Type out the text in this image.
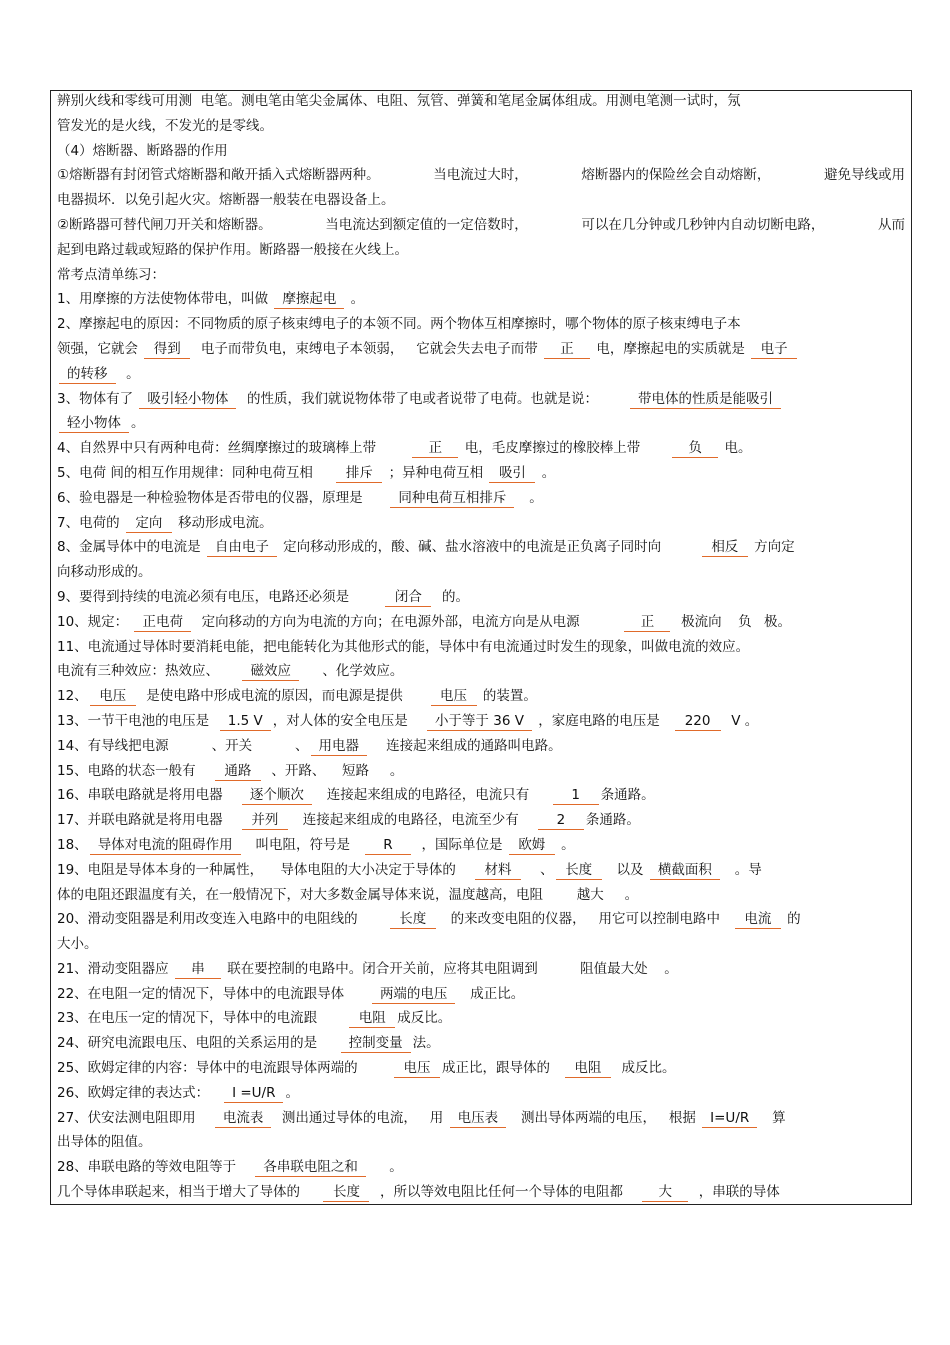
辨别火线和零线可用测  电笔。测电笔由笔尖金属体、电阻、氖管、弹簧和笔尾金属体组成。用测电笔测一试时，氖
管发光的是火线，不发光的是零线。
（4）熔断器、断路器的作用
①熔断器有封闭管式熔断器和敞开插入式熔断器两种。	当电流过大时，	熔断器内的保险丝会自动熔断，	避免导线或用
电器损坏．以免引起火灾。熔断器一般装在电器设备上。
②断路器可替代闸刀开关和熔断器。	当电流达到额定值的一定倍数时，	可以在几分钟或几秒钟内自动切断电路，	从而
起到电路过载或短路的保护作用。断路器一般接在火线上。
常考点清单练习：
1、用摩擦的方法使物体带电，叫做 摩擦起电 。
2、摩擦起电的原因：不同物质的原子核束缚电子的本领不同。两个物体互相摩擦时，哪个物体的原子核束缚电子本
领强，它就会 得到  电子而带负电，束缚电子本领弱，   它就会失去电子而带 正 电，摩擦起电的实质就是 电子
的转移  。
3、物体有了 吸引轻小物体  的性质，我们就说物体带了电或者说带了电荷。也就是说：       带电体的性质是能吸引
轻小物体 。
4、自然界中只有两种电荷：丝绸摩擦过的玻璃棒上带        正 电，毛皮摩擦过的橡胶棒上带       负 电。
5、电荷 间的相互作用规律：同种电荷互相     排斥 ；异种电荷互相 吸引 。
6、验电器是一种检验物体是否带电的仪器，原理是      同种电荷互相排斥   。
7、电荷的 定向 移动形成电流。
8、金属导体中的电流是 自由电子 定向移动形成的，酸、碱、盐水溶液中的电流是正负离子同时向         相反 方向定
向移动形成的。
9、要得到持续的电流必须有电压，电路还必须是        闭合  的。
10、规定： 正电荷  定向移动的方向为电流的方向；在电源外部，电流方向是从电源          正  极流向  负 极。
11、电流通过导体时要消耗电能，把电能转化为其他形式的能，导体中有电流通过时发生的现象，叫做电流的效应。
电流有三种效应：热效应、     磁效应     、化学效应。
12、 电压  是使电路中形成电流的原因，而电源是提供      电压 的装置。
13、一节干电池的电压是  1.5 V ，对人体的安全电压是    小于等于 36 V ，家庭电路的电压是   220  V 。
14、有导线把电源          、开关          、 用电器    连接起来组成的通路叫电路。
15、电路的状态一般有    通路  、开路、  短路   。
16、串联电路就是将用电器    逐个顺次   连接起来组成的电路径，电流只有     1 条通路。
17、并联电路就是将用电器    并列   连接起来组成的电路径，电流至少有    2 条通路。
18、 导体对电流的阻碍作用   叫电阻，符号是   R  ，国际单位是 欧姆 。
19、电阻是导体本身的一种属性，    导体电阻的大小决定于导体的    材料    、 长度   以及 横截面积   。导
体的电阻还跟温度有关，在一般情况下，对大多数金属导体来说，温度越高，电阻      越大   。
20、滑动变阻器是利用改变连入电路中的电阻线的       长度   的来改变电阻的仪器，   用它可以控制电路中   电流 的
大小。
21、滑动变阻器应 串 联在要控制的电路中。闭合开关前，应将其电阻调到        阻值最大处  。
22、在电阻一定的情况下，导体中的电流跟导体      两端的电压   成正比。
23、在电压一定的情况下，导体中的电流跟       电阻 成反比。
24、研究电流跟电压、电阻的关系运用的是     控制变量 法。
25、欧姆定律的内容：导体中的电流跟导体两端的        电压 成正比，跟导体的   电阻  成反比。
26、欧姆定律的表达式：   I =U/R 。
27、伏安法测电阻即用    电流表  测出通过导体的电流，   用 电压表   测出导体两端的电压，   根据 I=U/R   算
出导体的阻值。
28、串联电路的等效电阻等于    各串联电阻之和     。
几个导体串联起来，相当于增大了导体的     长度  ，所以等效电阻比任何一个导体的电阻都    大  ，串联的导体
